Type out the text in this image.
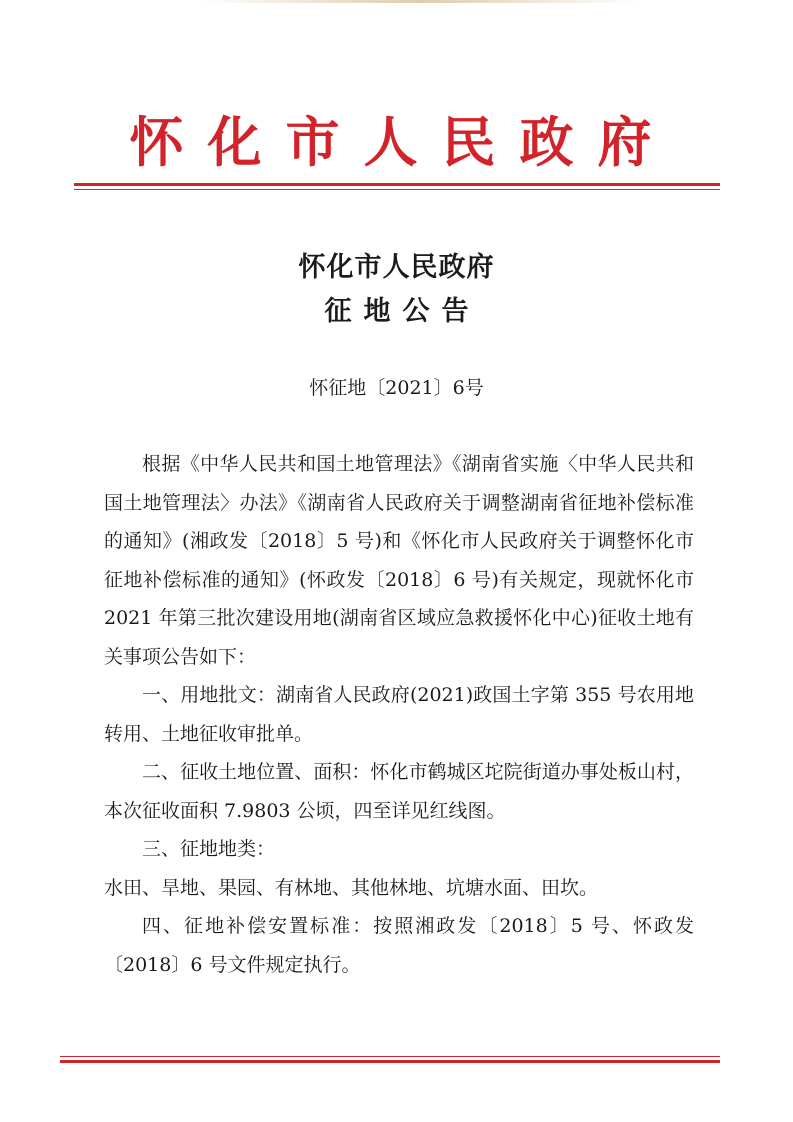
怀化市人民政府
怀化市人民政府
征地公告
怀征地〔2021〕6号

根据《中华人民共和国土地管理法》《湖南省实施〈中华人民共和国土地管理法〉办法》《湖南省人民政府关于调整湖南省征地补偿标准的通知》(湘政发〔2018〕5 号)和《怀化市人民政府关于调整怀化市征地补偿标准的通知》(怀政发〔2018〕6 号)有关规定，现就怀化市 2021 年第三批次建设用地(湖南省区域应急救援怀化中心)征收土地有关事项公告如下：

一、用地批文：湖南省人民政府(2021)政国土字第 355 号农用地转用、土地征收审批单。

二、征收土地位置、面积：怀化市鹤城区坨院街道办事处板山村，本次征收面积 7.9803 公顷，四至详见红线图。

三、征地地类：

水田、旱地、果园、有林地、其他林地、坑塘水面、田坎。

四、征地补偿安置标准：按照湘政发〔2018〕5 号、怀政发〔2018〕6 号文件规定执行。
